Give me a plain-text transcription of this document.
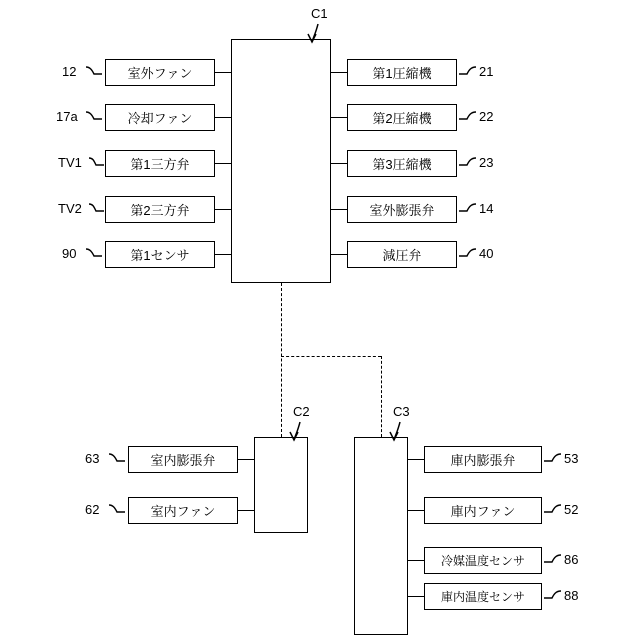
C1
室外ファン
冷却ファン
第1三方弁
第2三方弁
第1センサ
12
17a
TV1
TV2
90
第1圧縮機
第2圧縮機
第3圧縮機
室外膨張弁
減圧弁
21
22
23
14
40
C2
室内膨張弁
室内ファン
63
62
C3
庫内膨張弁
庫内ファン
冷媒温度センサ
庫内温度センサ
53
52
86
88
